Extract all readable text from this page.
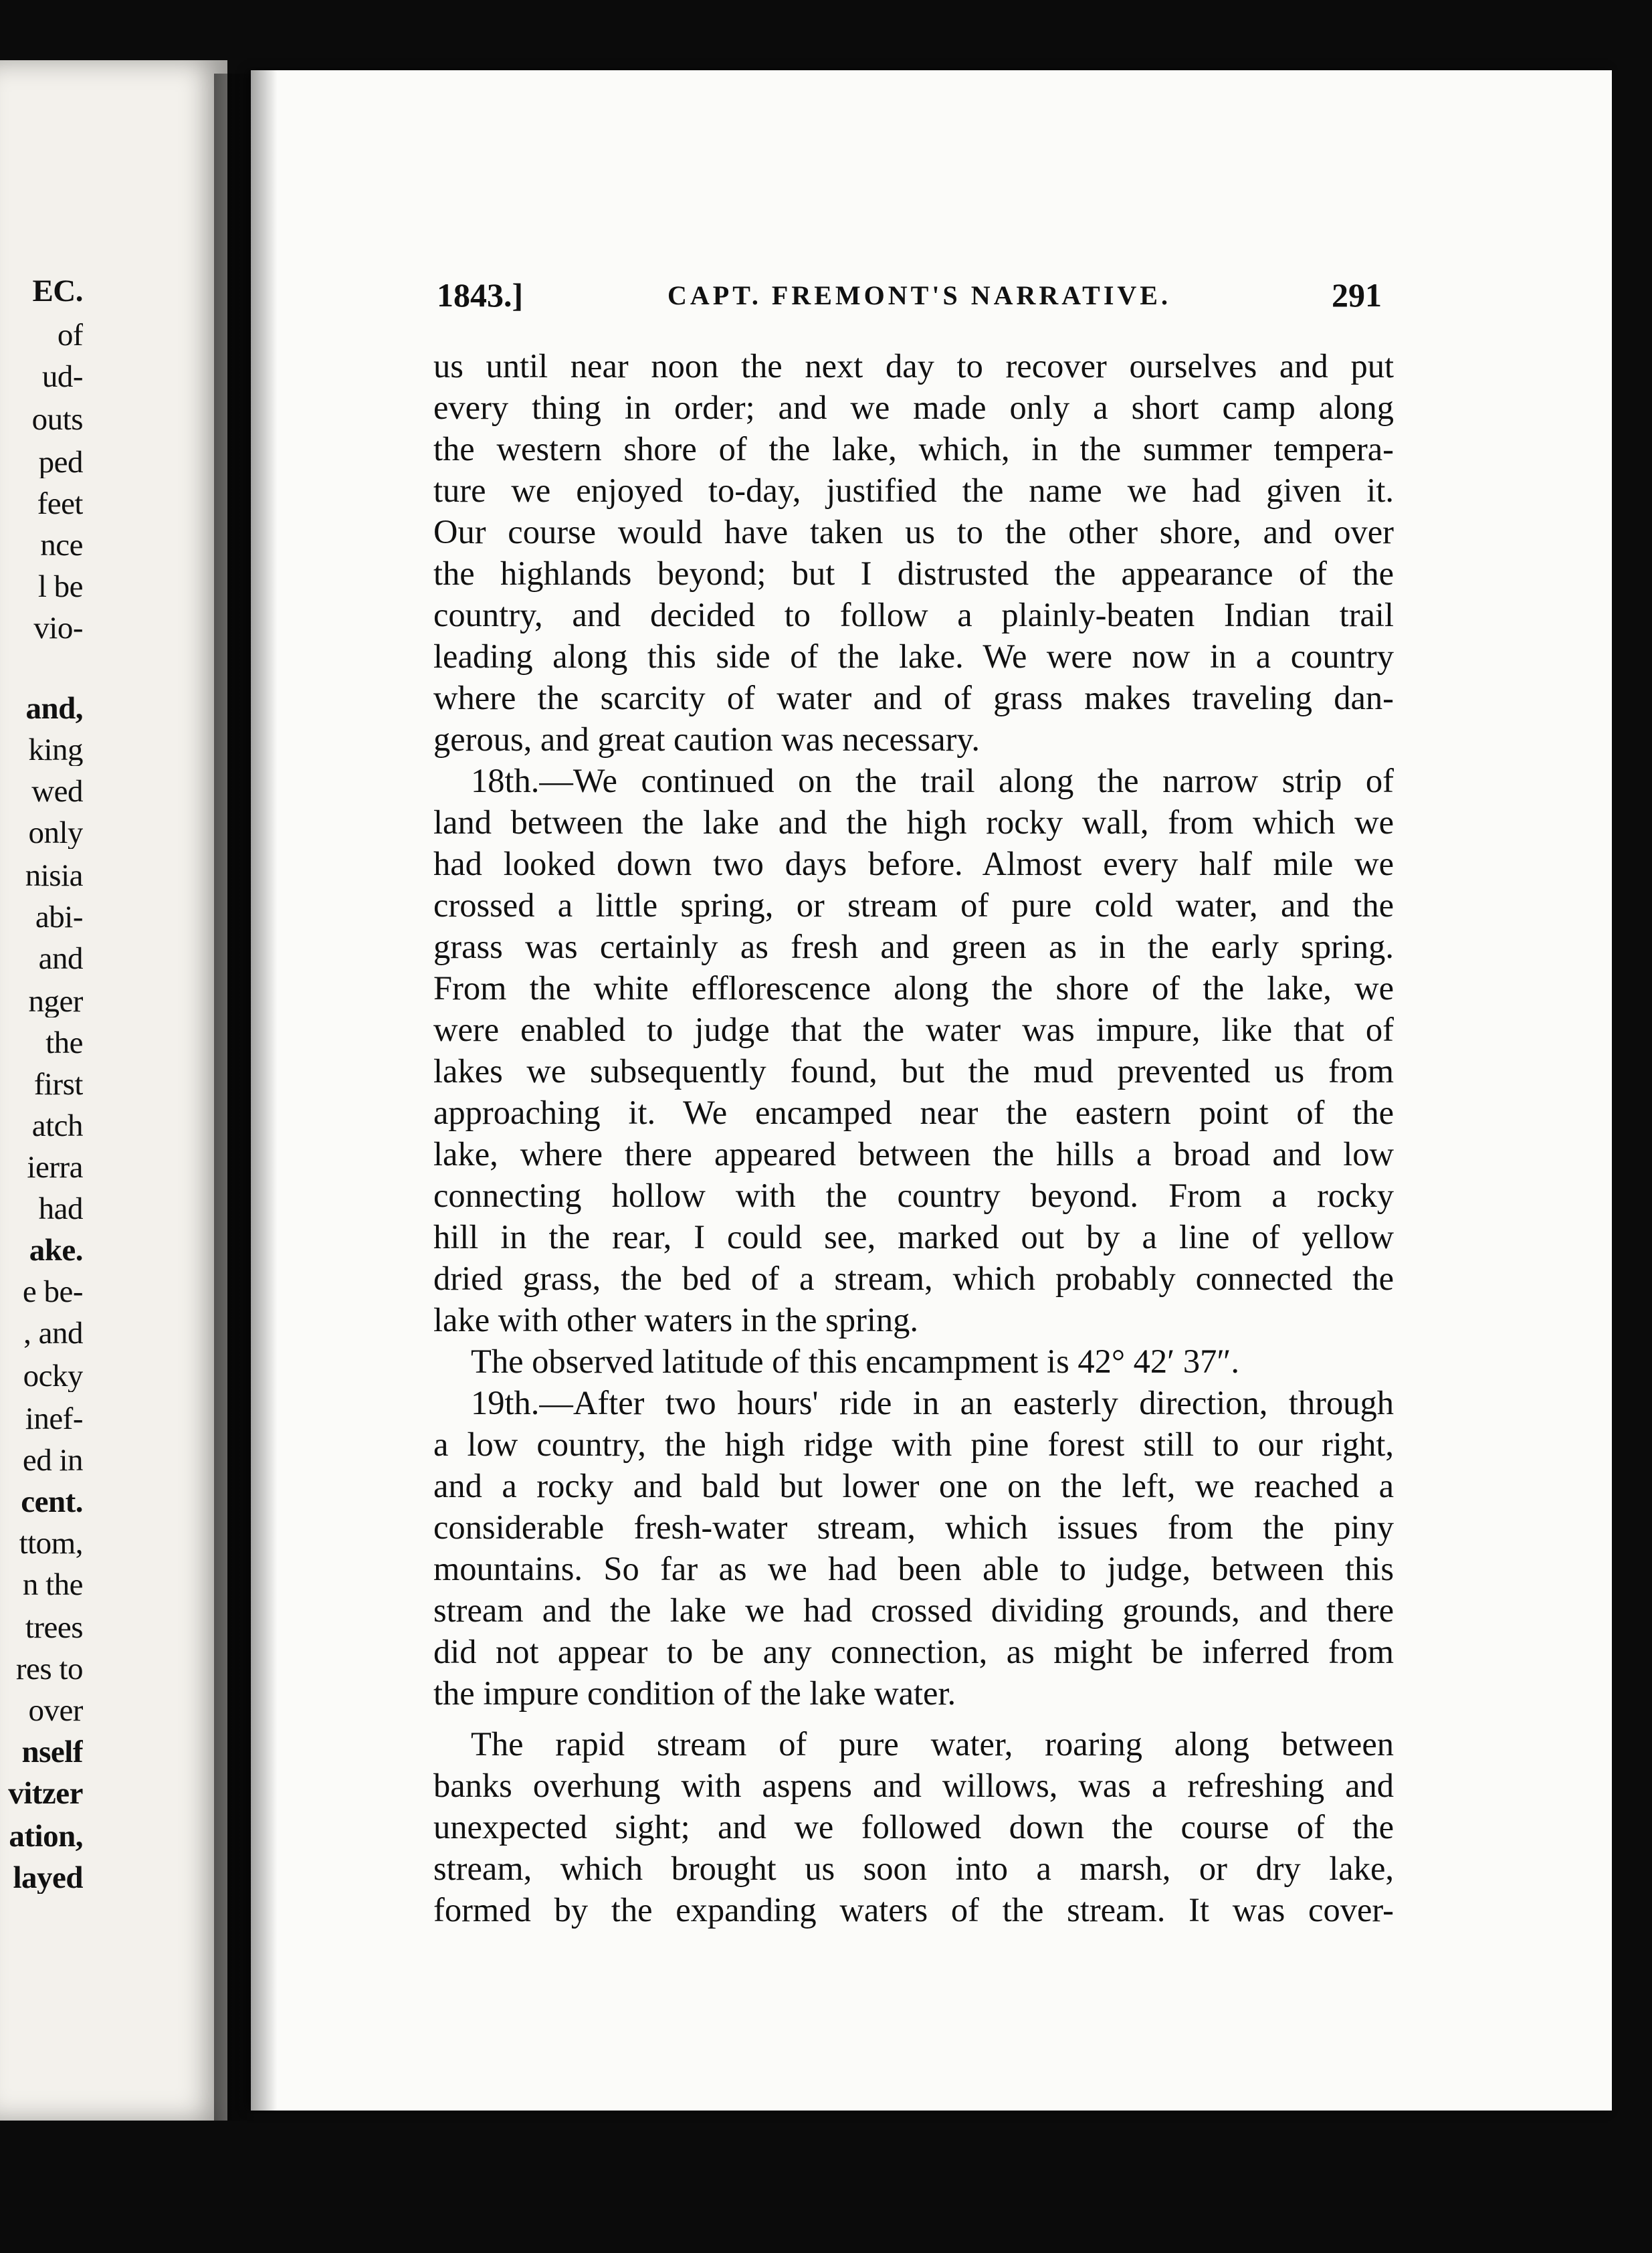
EC.
of
ud-
outs
ped
feet
nce
l be
vio-
and,
king
wed
only
nisia
abi-
and
nger
the
first
atch
ierra
had
ake.
e be-
, and
ocky
inef-
ed in
cent.
ttom,
n the
trees
res to
over
nself
vitzer
ation,
layed
1843.]	CAPT. FREMONT'S NARRATIVE.	291
us until near noon the next day to recover ourselves and put
every thing in order; and we made only a short camp along
the western shore of the lake, which, in the summer tempera-
ture we enjoyed to-day, justified the name we had given it.
Our course would have taken us to the other shore, and over
the highlands beyond; but I distrusted the appearance of the
country, and decided to follow a plainly-beaten Indian trail
leading along this side of the lake. We were now in a country
where the scarcity of water and of grass makes traveling dan-
gerous, and great caution was necessary.
18th.—We continued on the trail along the narrow strip of
land between the lake and the high rocky wall, from which we
had looked down two days before. Almost every half mile we
crossed a little spring, or stream of pure cold water, and the
grass was certainly as fresh and green as in the early spring.
From the white efflorescence along the shore of the lake, we
were enabled to judge that the water was impure, like that of
lakes we subsequently found, but the mud prevented us from
approaching it. We encamped near the eastern point of the
lake, where there appeared between the hills a broad and low
connecting hollow with the country beyond. From a rocky
hill in the rear, I could see, marked out by a line of yellow
dried grass, the bed of a stream, which probably connected the
lake with other waters in the spring.
The observed latitude of this encampment is 42° 42′ 37″.
19th.—After two hours' ride in an easterly direction, through
a low country, the high ridge with pine forest still to our right,
and a rocky and bald but lower one on the left, we reached a
considerable fresh-water stream, which issues from the piny
mountains. So far as we had been able to judge, between this
stream and the lake we had crossed dividing grounds, and there
did not appear to be any connection, as might be inferred from
the impure condition of the lake water.
The rapid stream of pure water, roaring along between
banks overhung with aspens and willows, was a refreshing and
unexpected sight; and we followed down the course of the
stream, which brought us soon into a marsh, or dry lake,
formed by the expanding waters of the stream. It was cover-
